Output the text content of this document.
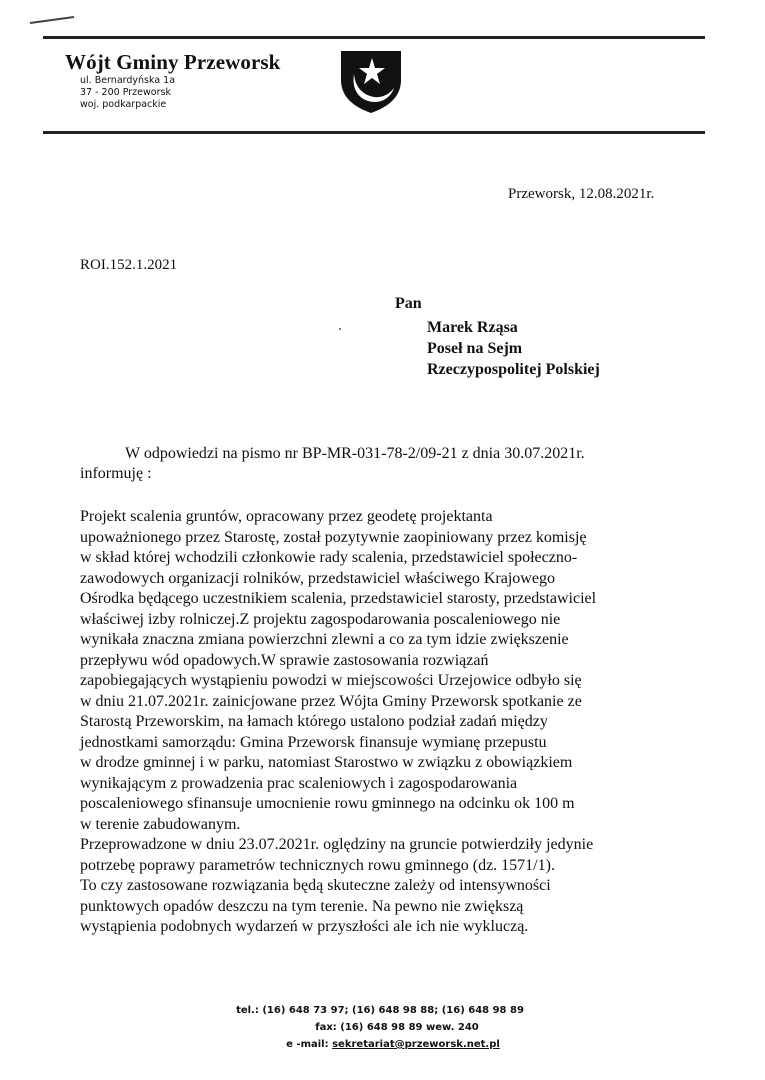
Wójt Gminy Przeworsk
ul. Bernardyńska 1a
37 - 200 Przeworsk
woj. podkarpackie
Przeworsk, 12.08.2021r.
ROI.152.1.2021
Pan
Marek Rząsa
Poseł na Sejm
Rzeczypospolitej Polskiej
W odpowiedzi na pismo nr BP-MR-031-78-2/09-21 z dnia 30.07.2021r.
informuję :
Projekt scalenia gruntów, opracowany przez geodetę projektanta
upoważnionego przez Starostę, został pozytywnie zaopiniowany przez komisję
w skład której wchodzili członkowie rady scalenia, przedstawiciel społeczno-
zawodowych organizacji rolników, przedstawiciel właściwego Krajowego
Ośrodka będącego uczestnikiem scalenia, przedstawiciel starosty, przedstawiciel
właściwej izby rolniczej.Z projektu zagospodarowania poscaleniowego nie
wynikała znaczna zmiana powierzchni zlewni a co za tym idzie zwiększenie
przepływu wód opadowych.W sprawie zastosowania rozwiązań
zapobiegających wystąpieniu powodzi w miejscowości Urzejowice odbyło się
w dniu 21.07.2021r. zainicjowane przez Wójta Gminy Przeworsk spotkanie ze
Starostą Przeworskim, na łamach którego ustalono podział zadań między
jednostkami samorządu: Gmina Przeworsk finansuje wymianę przepustu
w drodze gminnej i w parku, natomiast Starostwo w związku z obowiązkiem
wynikającym z prowadzenia prac scaleniowych i zagospodarowania
poscaleniowego sfinansuje umocnienie rowu gminnego na odcinku ok 100 m
w terenie zabudowanym.
Przeprowadzone w dniu 23.07.2021r. oględziny na gruncie potwierdziły jedynie
potrzebę poprawy parametrów technicznych rowu gminnego (dz. 1571/1).
To czy zastosowane rozwiązania będą skuteczne zależy od intensywności
punktowych opadów deszczu na tym terenie. Na pewno nie zwiększą
wystąpienia podobnych wydarzeń w przyszłości ale ich nie wykluczą.
tel.: (16) 648 73 97; (16) 648 98 88; (16) 648 98 89
fax: (16) 648 98 89 wew. 240
e -mail: sekretariat@przeworsk.net.pl
